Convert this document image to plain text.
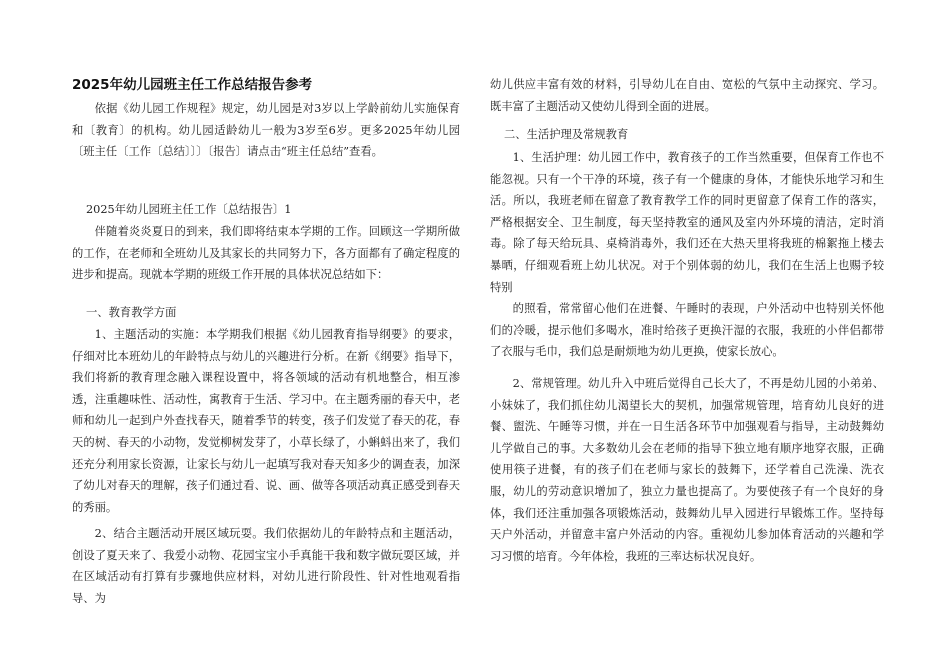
2025年幼儿园班主任工作总结报告参考

依据《幼儿园工作规程》规定，幼儿园是对3岁以上学龄前幼儿实施保育和〔教育〕的机构。幼儿园适龄幼儿一般为3岁至6岁。更多2025年幼儿园〔班主任〔工作〔总结〕〕〕〔报告〕请点击“班主任总结”查看。

2025年幼儿园班主任工作〔总结报告〕1

伴随着炎炎夏日的到来，我们即将结束本学期的工作。回顾这一学期所做的工作，在老师和全班幼儿及其家长的共同努力下，各方面都有了确定程度的进步和提高。现就本学期的班级工作开展的具体状况总结如下：

一、教育教学方面

1、主题活动的实施：本学期我们根据《幼儿园教育指导纲要》的要求，仔细对比本班幼儿的年龄特点与幼儿的兴趣进行分析。在新《纲要》指导下，我们将新的教育理念融入课程设置中，将各领域的活动有机地整合，相互渗透，注重趣味性、活动性，寓教育于生活、学习中。在主题秀丽的春天中，老师和幼儿一起到户外查找春天，随着季节的转变，孩子们发觉了春天的花，春天的树、春天的小动物，发觉柳树发芽了，小草长绿了，小蝌蚪出来了，我们还充分利用家长资源，让家长与幼儿一起填写我对春天知多少的调查表，加深了幼儿对春天的理解，孩子们通过看、说、画、做等各项活动真正感受到春天的秀丽。

2、结合主题活动开展区域玩耍。我们依据幼儿的年龄特点和主题活动，创设了夏天来了、我爱小动物、花园宝宝小手真能干我和数字做玩耍区域，并在区域活动有打算有步骤地供应材料，对幼儿进行阶段性、针对性地观看指导、为

幼儿供应丰富有效的材料，引导幼儿在自由、宽松的气氛中主动探究、学习。既丰富了主题活动又使幼儿得到全面的进展。

二、生活护理及常规教育

1、生活护理：幼儿园工作中，教育孩子的工作当然重要，但保育工作也不能忽视。只有一个干净的环境，孩子有一个健康的身体，才能快乐地学习和生活。所以，我班老师在留意了教育教学工作的同时更留意了保育工作的落实，严格根据安全、卫生制度，每天坚持教室的通风及室内外环境的清洁，定时消毒。除了每天给玩具、桌椅消毒外，我们还在大热天里将我班的棉絮拖上楼去暴晒，仔细观看班上幼儿状况。对于个别体弱的幼儿，我们在生活上也赐予较特别

的照看，常常留心他们在进餐、午睡时的表现，户外活动中也特别关怀他们的冷暖，提示他们多喝水，准时给孩子更换汗湿的衣服，我班的小伴侣都带了衣服与毛巾，我们总是耐烦地为幼儿更换，使家长放心。

2、常规管理。幼儿升入中班后觉得自己长大了，不再是幼儿园的小弟弟、小妹妹了，我们抓住幼儿渴望长大的契机，加强常规管理，培育幼儿良好的进餐、盥洗、午睡等习惯，并在一日生活各环节中加强观看与指导，主动鼓舞幼儿学做自己的事。大多数幼儿会在老师的指导下独立地有顺序地穿衣服，正确使用筷子进餐，有的孩子们在老师与家长的鼓舞下，还学着自己洗澡、洗衣服，幼儿的劳动意识增加了，独立力量也提高了。为要使孩子有一个良好的身体，我们还注重加强各项锻炼活动，鼓舞幼儿早入园进行早锻炼工作。坚持每天户外活动，并留意丰富户外活动的内容。重视幼儿参加体育活动的兴趣和学习习惯的培育。今年体检，我班的三率达标状况良好。
